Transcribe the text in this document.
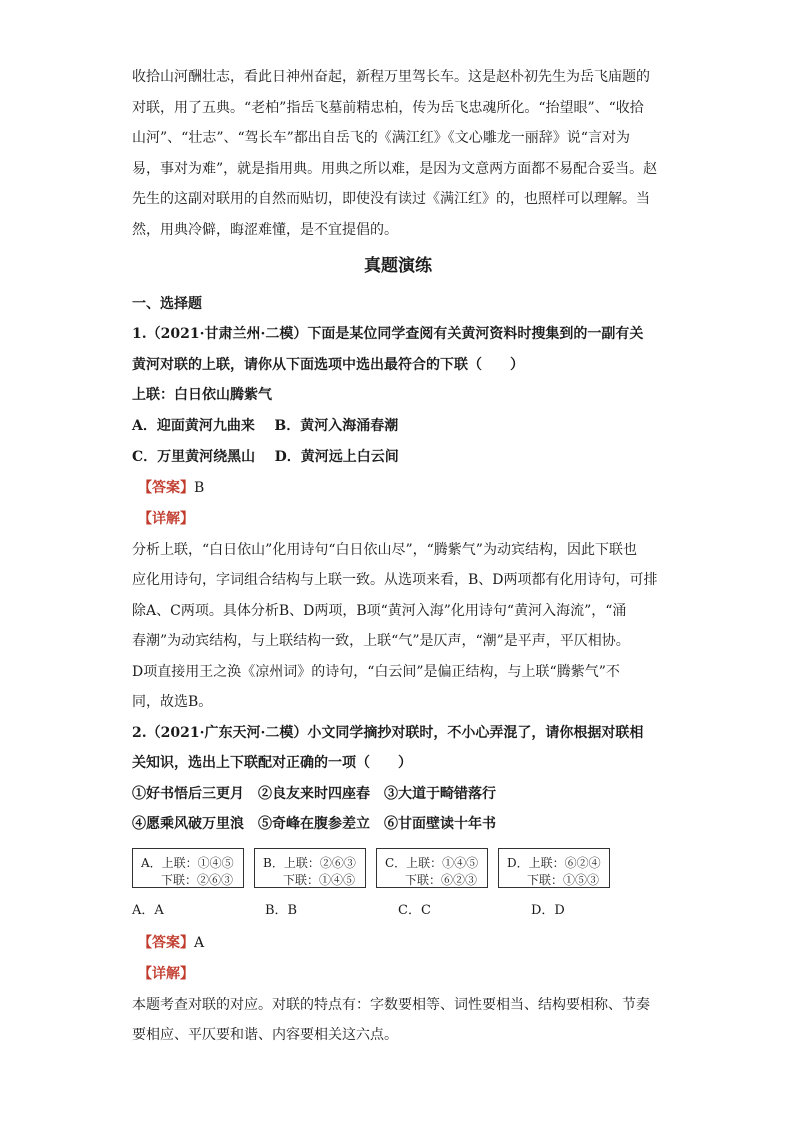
收拾山河酬壮志，看此日神州奋起，新程万里驾长车。这是赵朴初先生为岳飞庙题的

对联，用了五典。“老柏”指岳飞墓前精忠柏，传为岳飞忠魂所化。“抬望眼”、“收拾

山河”、“壮志”、“驾长车”都出自岳飞的《满江红》《文心雕龙一丽辞》说“言对为

易，事对为难”，就是指用典。用典之所以难，是因为文意两方面都不易配合妥当。赵

先生的这副对联用的自然而贴切，即使没有读过《满江红》的，也照样可以理解。当

然，用典冷僻，晦涩难懂，是不宜提倡的。

真题演练

一、选择题

1.（2021·甘肃兰州·二模）下面是某位同学查阅有关黄河资料时搜集到的一副有关

黄河对联的上联，请你从下面选项中选出最符合的下联（　　）

上联：白日依山腾紫气

A．迎面黄河九曲来 B．黄河入海涌春潮

C．万里黄河绕黑山 D．黄河远上白云间

【答案】B

【详解】

分析上联，“白日依山”化用诗句“白日依山尽”，“腾紫气”为动宾结构，因此下联也

应化用诗句，字词组合结构与上联一致。从选项来看，B、D两项都有化用诗句，可排

除A、C两项。具体分析B、D两项，B项“黄河入海”化用诗句“黄河入海流”，“涌

春潮”为动宾结构，与上联结构一致，上联“气”是仄声，“潮”是平声，平仄相协。

D项直接用王之涣《凉州词》的诗句，“白云间”是偏正结构，与上联“腾紫气”不

同，故选B。

2.（2021·广东天河·二模）小文同学摘抄对联时，不小心弄混了，请你根据对联相

关知识，选出上下联配对正确的一项（　　）

①好书悟后三更月　②良友来时四座春　③大道于畸错落行

④愿乘风破万里浪　⑤奇峰在腹参差立　⑥甘面壁读十年书

A．上联：①④⑤
下联：②⑥③
B．上联：②⑥③
下联：①④⑤
C．上联：①④⑤
下联：⑥②③
D．上联：⑥②④
下联：①⑤③
A．A	B．B	C．C	D．D

【答案】A

【详解】

本题考查对联的对应。对联的特点有：字数要相等、词性要相当、结构要相称、节奏

要相应、平仄要和谐、内容要相关这六点。
